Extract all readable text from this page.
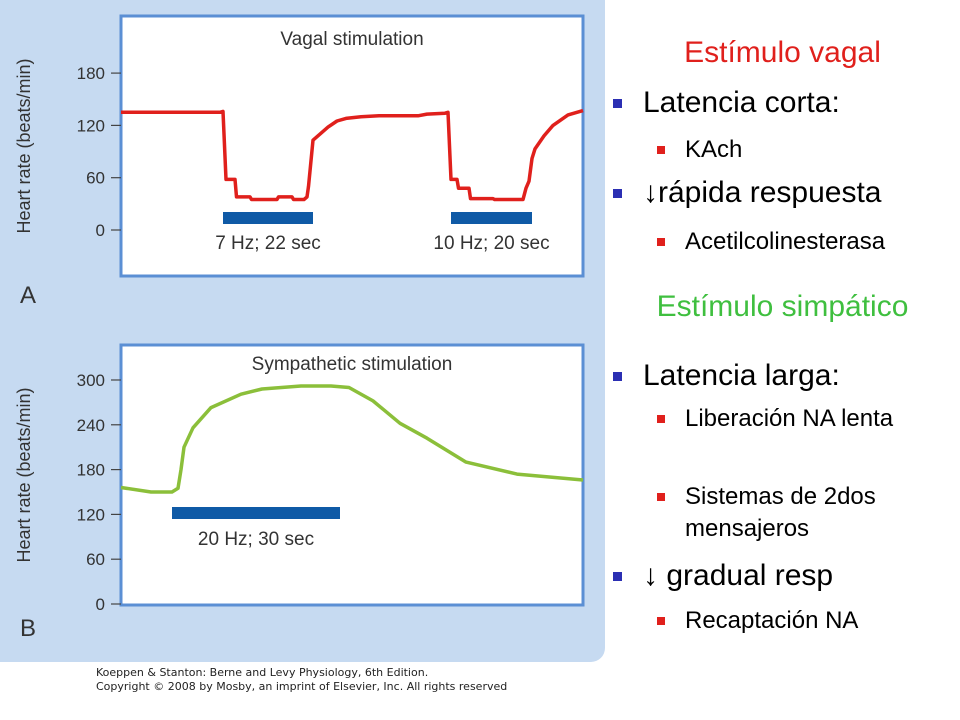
Vagal stimulation
Heart rate (beats/min)	0
60
120
180
A
7 Hz; 22 sec	10 Hz; 20 sec
Sympathetic stimulation
Heart rate (beats/min)
0
60
120
180
240
300
B
20 Hz; 30 sec
Koeppen & Stanton: Berne and Levy Physiology, 6th Edition.
Copyright © 2008 by Mosby, an imprint of Elsevier, Inc. All rights reserved
Estímulo vagal
Latencia corta:
KAch
↓rápida respuesta
Acetilcolinesterasa
Estímulo simpático
Latencia larga:
Liberación NA lenta
Sistemas de 2dos mensajeros
↓ gradual resp
Recaptación NA
